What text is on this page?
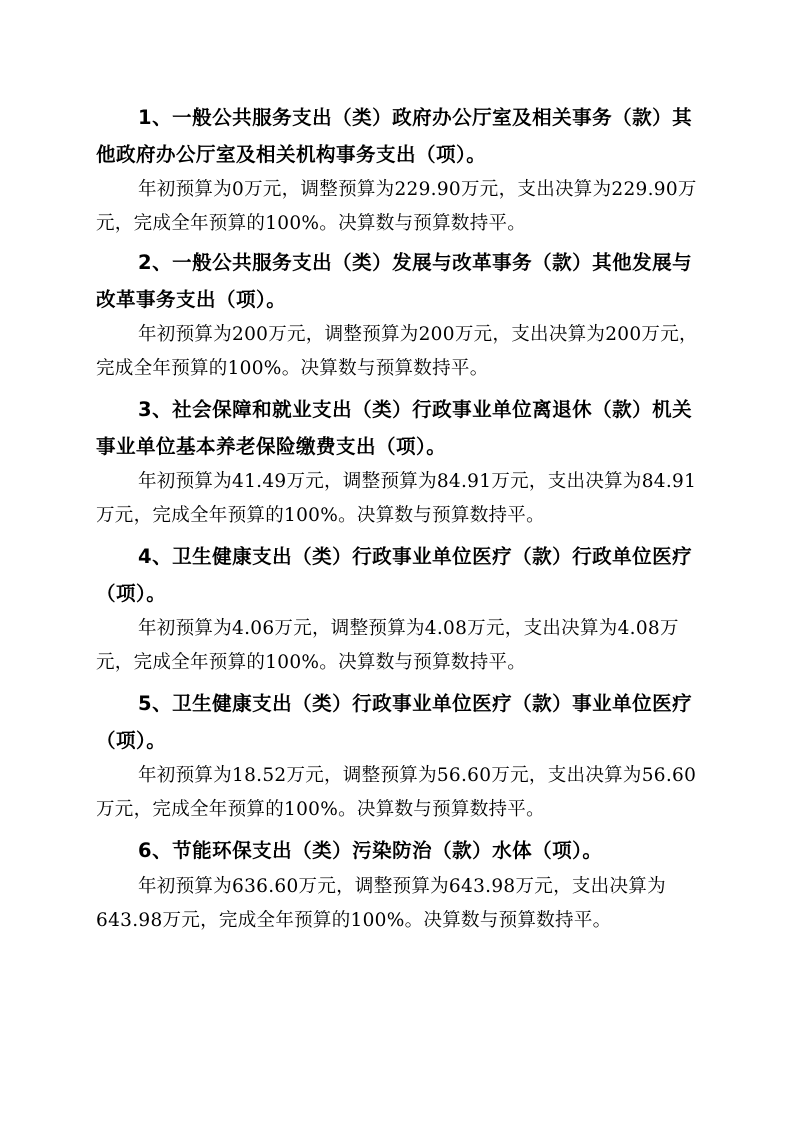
1、一般公共服务支出（类）政府办公厅室及相关事务（款）其他政府办公厅室及相关机构事务支出（项）。

年初预算为0万元，调整预算为229.90万元，支出决算为229.90万元，完成全年预算的100%。决算数与预算数持平。

2、一般公共服务支出（类）发展与改革事务（款）其他发展与改革事务支出（项）。

年初预算为200万元，调整预算为200万元，支出决算为200万元，完成全年预算的100%。决算数与预算数持平。

3、社会保障和就业支出（类）行政事业单位离退休（款）机关事业单位基本养老保险缴费支出（项）。

年初预算为41.49万元，调整预算为84.91万元，支出决算为84.91万元，完成全年预算的100%。决算数与预算数持平。

4、卫生健康支出（类）行政事业单位医疗（款）行政单位医疗（项）。

年初预算为4.06万元，调整预算为4.08万元，支出决算为4.08万元，完成全年预算的100%。决算数与预算数持平。

5、卫生健康支出（类）行政事业单位医疗（款）事业单位医疗（项）。

年初预算为18.52万元，调整预算为56.60万元，支出决算为56.60万元，完成全年预算的100%。决算数与预算数持平。

6、节能环保支出（类）污染防治（款）水体（项）。

年初预算为636.60万元，调整预算为643.98万元，支出决算为643.98万元，完成全年预算的100%。决算数与预算数持平。
